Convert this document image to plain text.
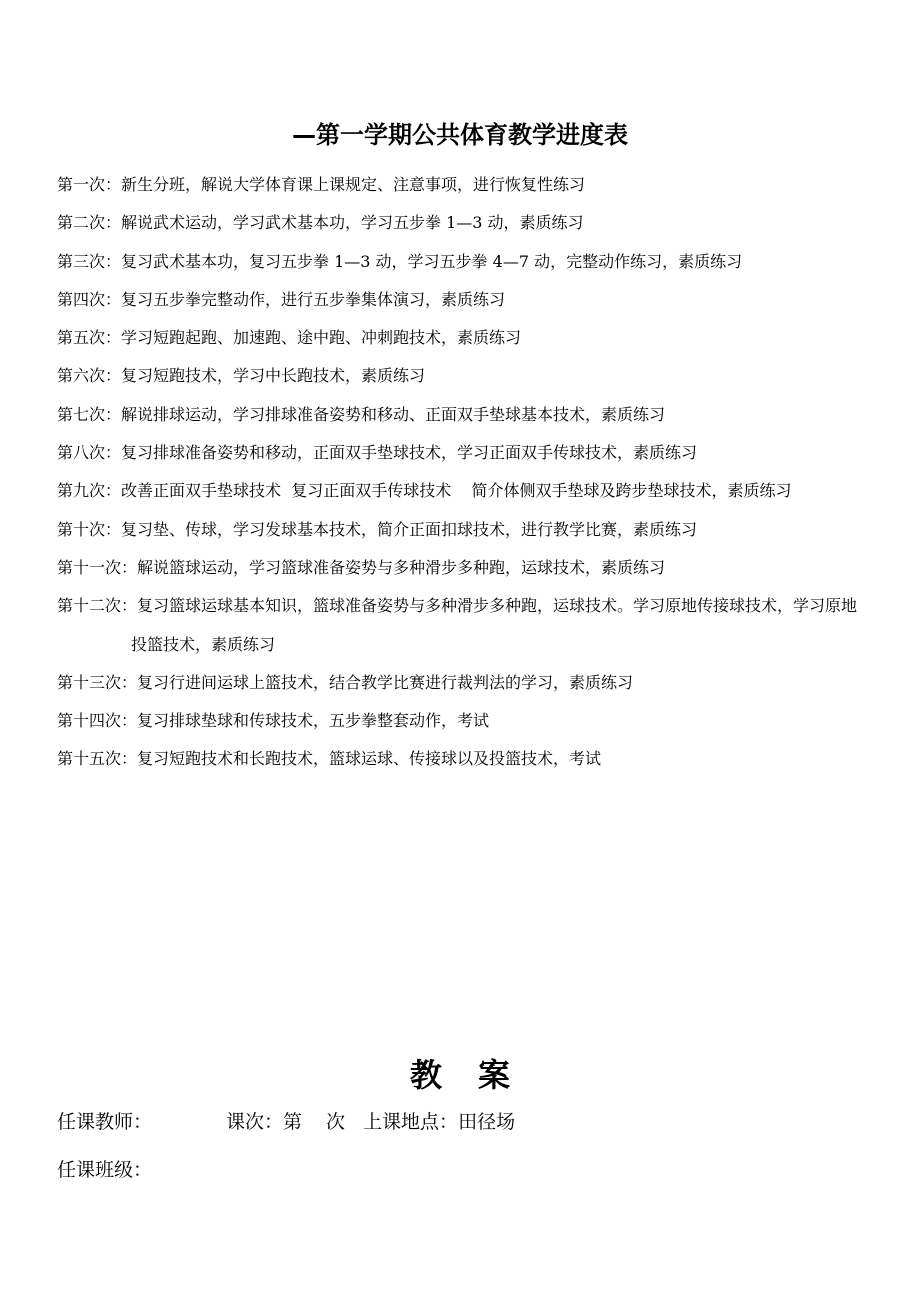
—第一学期公共体育教学进度表
第一次： 新生分班，解说大学体育课上课规定、注意事项，进行恢复性练习
第二次： 解说武术运动，学习武术基本功，学习五步拳 1—3 动，素质练习
第三次： 复习武术基本功，复习五步拳 1—3 动，学习五步拳 4—7 动，完整动作练习，素质练习
第四次： 复习五步拳完整动作，进行五步拳集体演习，素质练习
第五次： 学习短跑起跑、加速跑、途中跑、冲刺跑技术，素质练习
第六次： 复习短跑技术，学习中长跑技术，素质练习
第七次： 解说排球运动，学习排球准备姿势和移动、正面双手垫球基本技术，素质练习
第八次： 复习排球准备姿势和移动，正面双手垫球技术，学习正面双手传球技术，素质练习
第九次：改善正面双手垫球技术  复习正面双手传球技术    简介体侧双手垫球及跨步垫球技术，素质练习
第十次： 复习垫、传球，学习发球基本技术，简介正面扣球技术，进行教学比赛，素质练习
第十一次： 解说篮球运动，学习篮球准备姿势与多种滑步多种跑，运球技术，素质练习
第十二次：复习篮球运球基本知识，篮球准备姿势与多种滑步多种跑，运球技术。学习原地传接球技术，学习原地投篮技术，素质练习
第十三次： 复习行进间运球上篮技术，结合教学比赛进行裁判法的学习，素质练习
第十四次： 复习排球垫球和传球技术，五步拳整套动作，考试
第十五次： 复习短跑技术和长跑技术，篮球运球、传接球以及投篮技术，考试
教案
任课教师：	课次：第 次 上课地点：田径场
任课班级：
